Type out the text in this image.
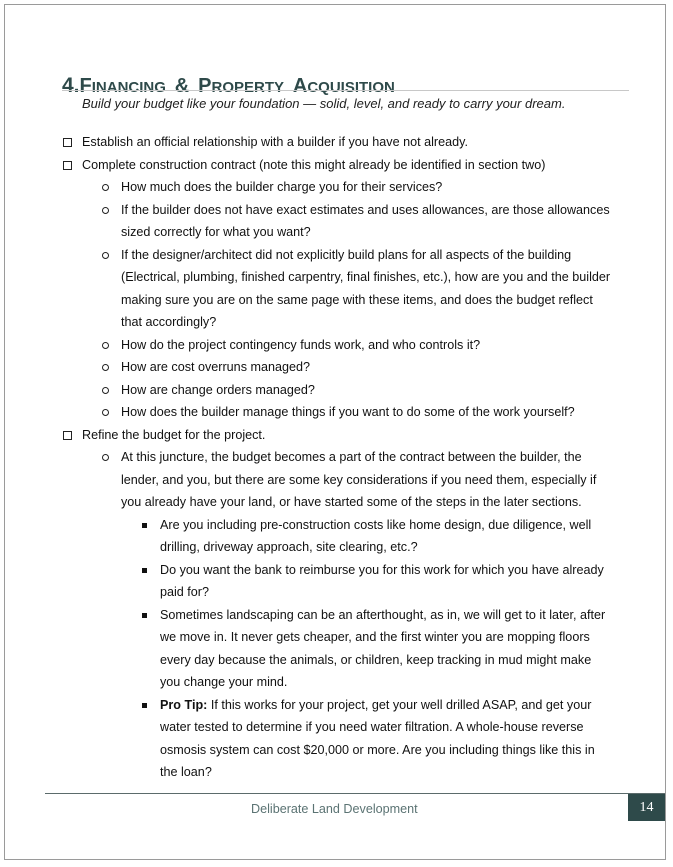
4.FINANCING & PROPERTY ACQUISITION
Build your budget like your foundation — solid, level, and ready to carry your dream.
Establish an official relationship with a builder if you have not already.
Complete construction contract (note this might already be identified in section two)
How much does the builder charge you for their services?
If the builder does not have exact estimates and uses allowances, are those allowances
sized correctly for what you want?
If the designer/architect did not explicitly build plans for all aspects of the building
(Electrical, plumbing, finished carpentry, final finishes, etc.), how are you and the builder
making sure you are on the same page with these items, and does the budget reflect
that accordingly?
How do the project contingency funds work, and who controls it?
How are cost overruns managed?
How are change orders managed?
How does the builder manage things if you want to do some of the work yourself?
Refine the budget for the project.
At this juncture, the budget becomes a part of the contract between the builder, the
lender, and you, but there are some key considerations if you need them, especially if
you already have your land, or have started some of the steps in the later sections.
Are you including pre-construction costs like home design, due diligence, well
drilling, driveway approach, site clearing, etc.?
Do you want the bank to reimburse you for this work for which you have already
paid for?
Sometimes landscaping can be an afterthought, as in, we will get to it later, after
we move in. It never gets cheaper, and the first winter you are mopping floors
every day because the animals, or children, keep tracking in mud might make
you change your mind.
Pro Tip: If this works for your project, get your well drilled ASAP, and get your
water tested to determine if you need water filtration. A whole-house reverse
osmosis system can cost $20,000 or more. Are you including things like this in
the loan?
Deliberate Land Development	14
